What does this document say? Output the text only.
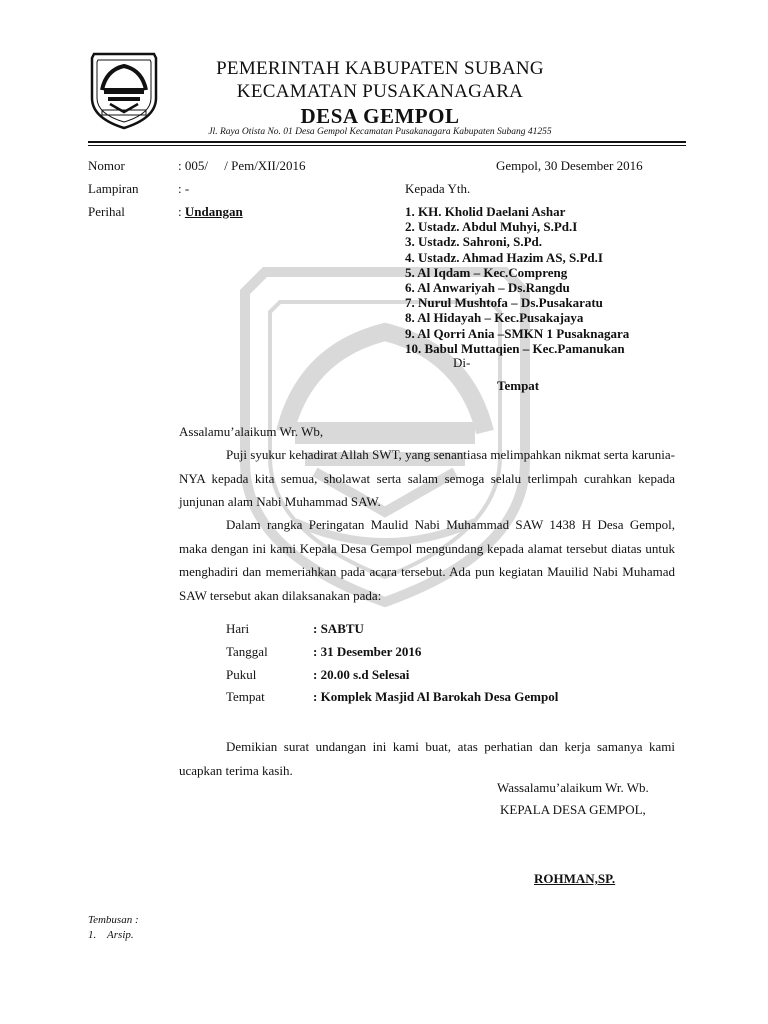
PEMERINTAH KABUPATEN SUBANG
KECAMATAN PUSAKANAGARA
DESA GEMPOL
Jl. Raya Otista No. 01 Desa Gempol Kecamatan Pusakanagara Kabupaten Subang 41255
Nomor	: 005/     / Pem/XII/2016	Gempol, 30 Desember 2016
Lampiran	: -	Kepada Yth.
Perihal	: Undangan	1. KH. Kholid Daelani Ashar
2. Ustadz. Abdul Muhyi, S.Pd.I
3. Ustadz. Sahroni, S.Pd.
4. Ustadz. Ahmad Hazim AS, S.Pd.I
5. Al Iqdam – Kec.Compreng
6. Al Anwariyah – Ds.Rangdu
7. Nurul Mushtofa – Ds.Pusakaratu
8. Al Hidayah – Kec.Pusakajaya
9. Al Qorri Ania –SMKN 1 Pusaknagara
10. Babul Muttaqien – Kec.Pamanukan
Di-
Tempat
Assalamu’alaikum Wr. Wb,
Puji syukur kehadirat Allah SWT, yang senantiasa melimpahkan nikmat serta karunia-NYA kepada kita semua, sholawat serta salam semoga selalu terlimpah curahkan kepada junjunan alam Nabi Muhammad SAW.
Dalam rangka Peringatan Maulid Nabi Muhammad SAW 1438 H Desa Gempol, maka dengan ini kami Kepala Desa Gempol mengundang kepada alamat tersebut diatas untuk menghadiri dan memeriahkan pada acara tersebut. Ada pun kegiatan Mauilid Nabi Muhamad SAW tersebut akan dilaksanakan pada:
Hari	: SABTU
Tanggal	: 31 Desember 2016
Pukul	: 20.00 s.d Selesai
Tempat	: Komplek Masjid Al Barokah Desa Gempol
Demikian surat undangan ini kami buat, atas perhatian dan kerja samanya kami ucapkan terima kasih.
Wassalamu’alaikum Wr. Wb.
KEPALA DESA GEMPOL,
ROHMAN,SP.
Tembusan :
1.    Arsip.
